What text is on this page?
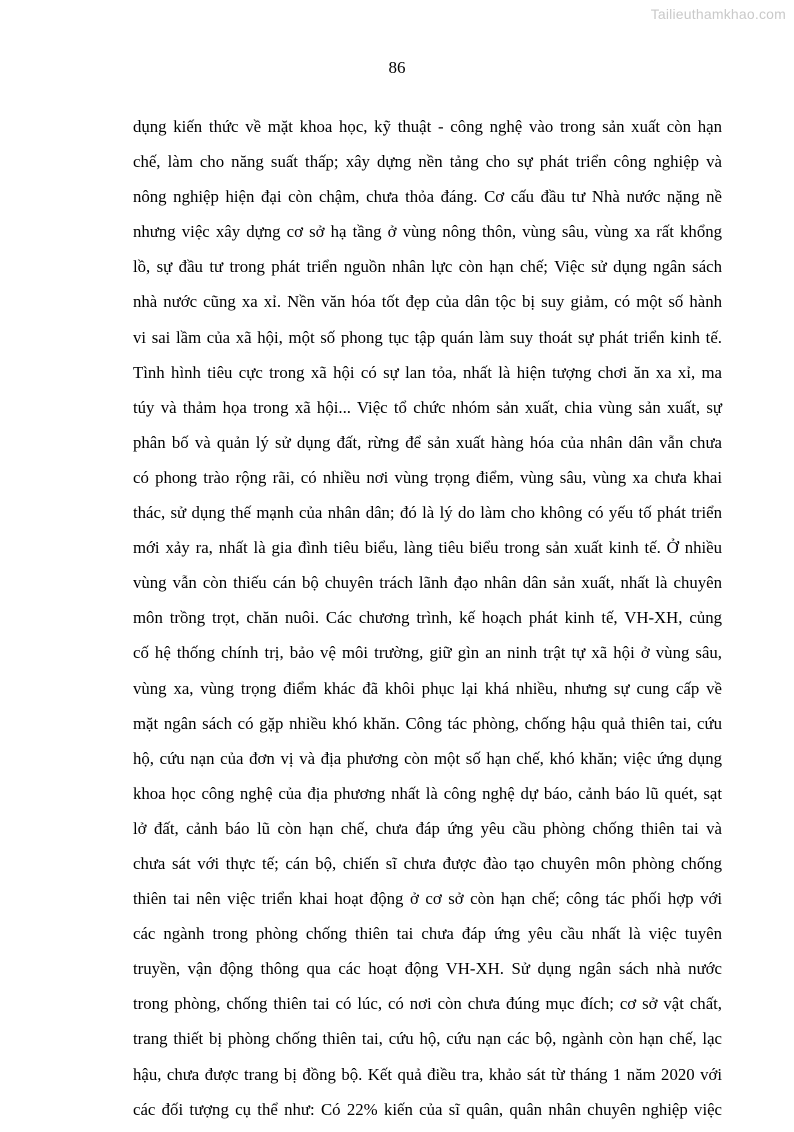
Tailieuthamkhao.com
86
dụng kiến thức về mặt khoa học, kỹ thuật - công nghệ vào trong sản xuất còn hạn
chế, làm cho năng suất thấp; xây dựng nền tảng cho sự phát triển công nghiệp và
nông nghiệp hiện đại còn chậm, chưa thỏa đáng. Cơ cấu đầu tư Nhà nước nặng nề
nhưng việc xây dựng cơ sở hạ tầng ở vùng nông thôn, vùng sâu, vùng xa rất khổng
lồ, sự đầu tư trong phát triển nguồn nhân lực còn hạn chế; Việc sử dụng ngân sách
nhà nước cũng xa xỉ. Nền văn hóa tốt đẹp của dân tộc bị suy giảm, có một số hành
vi sai lầm của xã hội, một số phong tục tập quán làm suy thoát sự phát triển kinh tế.
Tình hình tiêu cực trong xã hội có sự lan tỏa, nhất là hiện tượng chơi ăn xa xỉ, ma
túy và thảm họa trong xã hội... Việc tổ chức nhóm sản xuất, chia vùng sản xuất, sự
phân bố và quản lý sử dụng đất, rừng để sản xuất hàng hóa của nhân dân vẫn chưa
có phong trào rộng rãi, có nhiều nơi vùng trọng điểm, vùng sâu, vùng xa chưa khai
thác, sử dụng thế mạnh của nhân dân; đó là lý do làm cho không có yếu tố phát triển
mới xảy ra, nhất là gia đình tiêu biểu, làng tiêu biểu trong sản xuất kinh tế. Ở nhiều
vùng vẫn còn thiếu cán bộ chuyên trách lãnh đạo nhân dân sản xuất, nhất là chuyên
môn trồng trọt, chăn nuôi. Các chương trình, kế hoạch phát kinh tế, VH-XH, củng
cố hệ thống chính trị, bảo vệ môi trường, giữ gìn an ninh trật tự xã hội ở vùng sâu,
vùng xa, vùng trọng điểm khác đã khôi phục lại khá nhiều, nhưng sự cung cấp về
mặt ngân sách có gặp nhiều khó khăn. Công tác phòng, chống hậu quả thiên tai, cứu
hộ, cứu nạn của đơn vị và địa phương còn một số hạn chế, khó khăn; việc ứng dụng
khoa học công nghệ của địa phương nhất là công nghệ dự báo, cảnh báo lũ quét, sạt
lở đất, cảnh báo lũ còn hạn chế, chưa đáp ứng yêu cầu phòng chống thiên tai và
chưa sát với thực tế; cán bộ, chiến sĩ chưa được đào tạo chuyên môn phòng chống
thiên tai nên việc triển khai hoạt động ở cơ sở còn hạn chế; công tác phối hợp với
các ngành trong phòng chống thiên tai chưa đáp ứng yêu cầu nhất là việc tuyên
truyền, vận động thông qua các hoạt động VH-XH. Sử dụng ngân sách nhà nước
trong phòng, chống thiên tai có lúc, có nơi còn chưa đúng mục đích; cơ sở vật chất,
trang thiết bị phòng chống thiên tai, cứu hộ, cứu nạn các bộ, ngành còn hạn chế, lạc
hậu, chưa được trang bị đồng bộ. Kết quả điều tra, khảo sát từ tháng 1 năm 2020 với
các đối tượng cụ thể như: Có 22% kiến của sĩ quân, quân nhân chuyên nghiệp việc
